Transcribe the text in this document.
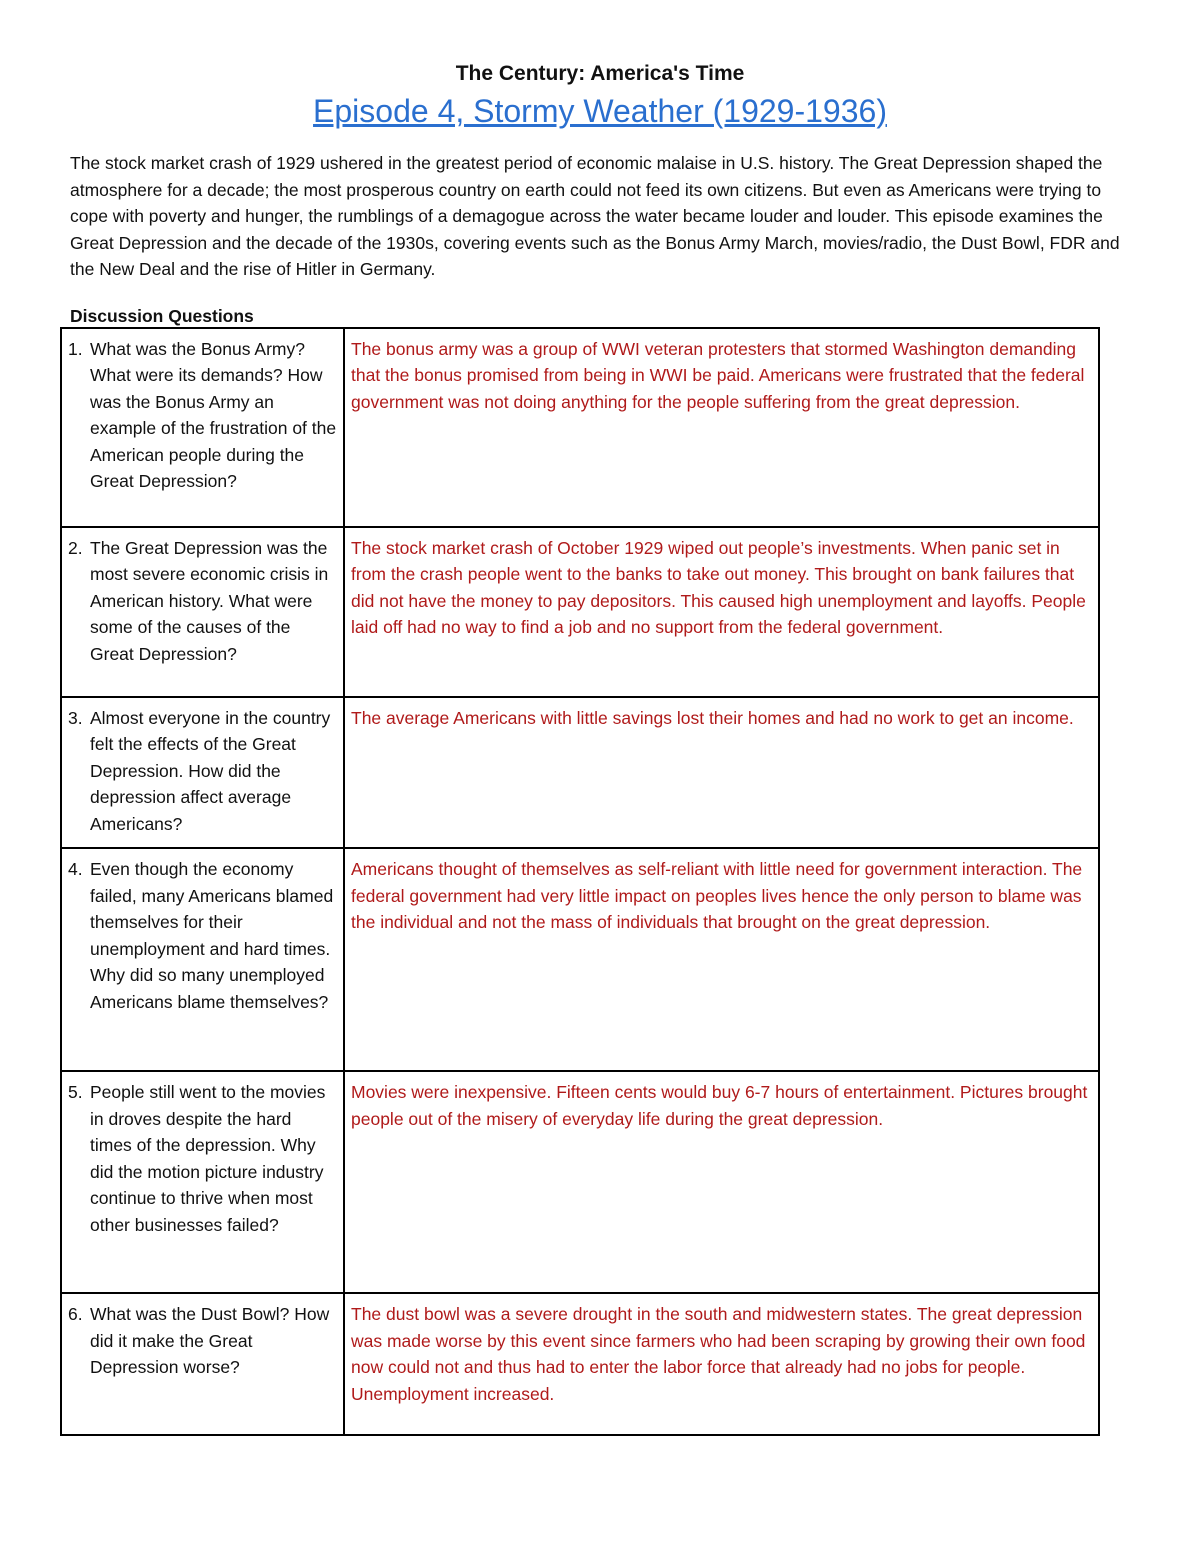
The Century: America's Time
Episode 4, Stormy Weather (1929-1936)

The stock market crash of 1929 ushered in the greatest period of economic malaise in U.S. history. The Great Depression shaped the atmosphere for a decade; the most prosperous country on earth could not feed its own citizens. But even as Americans were trying to cope with poverty and hunger, the rumblings of a demagogue across the water became louder and louder. This episode examines the Great Depression and the decade of the 1930s, covering events such as the Bonus Army March, movies/radio, the Dust Bowl, FDR and the New Deal and the rise of Hitler in Germany.

Discussion Questions
1. What was the Bonus Army? What were its demands? How was the Bonus Army an example of the frustration of the American people during the Great Depression?	The bonus army was a group of WWI veteran protesters that stormed Washington demanding that the bonus promised from being in WWI be paid. Americans were frustrated that the federal government was not doing anything for the people suffering from the great depression.

2. The Great Depression was the most severe economic crisis in American history. What were some of the causes of the Great Depression?	The stock market crash of October 1929 wiped out people’s investments. When panic set in from the crash people went to the banks to take out money. This brought on bank failures that did not have the money to pay depositors. This caused high unemployment and layoffs. People laid off had no way to find a job and no support from the federal government.

3. Almost everyone in the country felt the effects of the Great Depression. How did the depression affect average Americans?	The average Americans with little savings lost their homes and had no work to get an income.

4. Even though the economy failed, many Americans blamed themselves for their unemployment and hard times. Why did so many unemployed Americans blame themselves?	Americans thought of themselves as self-reliant with little need for government interaction. The federal government had very little impact on peoples lives hence the only person to blame was the individual and not the mass of individuals that brought on the great depression.

5. People still went to the movies in droves despite the hard times of the depression. Why did the motion picture industry continue to thrive when most other businesses failed?	Movies were inexpensive. Fifteen cents would buy 6-7 hours of entertainment. Pictures brought people out of the misery of everyday life during the great depression.

6. What was the Dust Bowl? How did it make the Great Depression worse?	The dust bowl was a severe drought in the south and midwestern states. The great depression was made worse by this event since farmers who had been scraping by growing their own food now could not and thus had to enter the labor force that already had no jobs for people. Unemployment increased.
